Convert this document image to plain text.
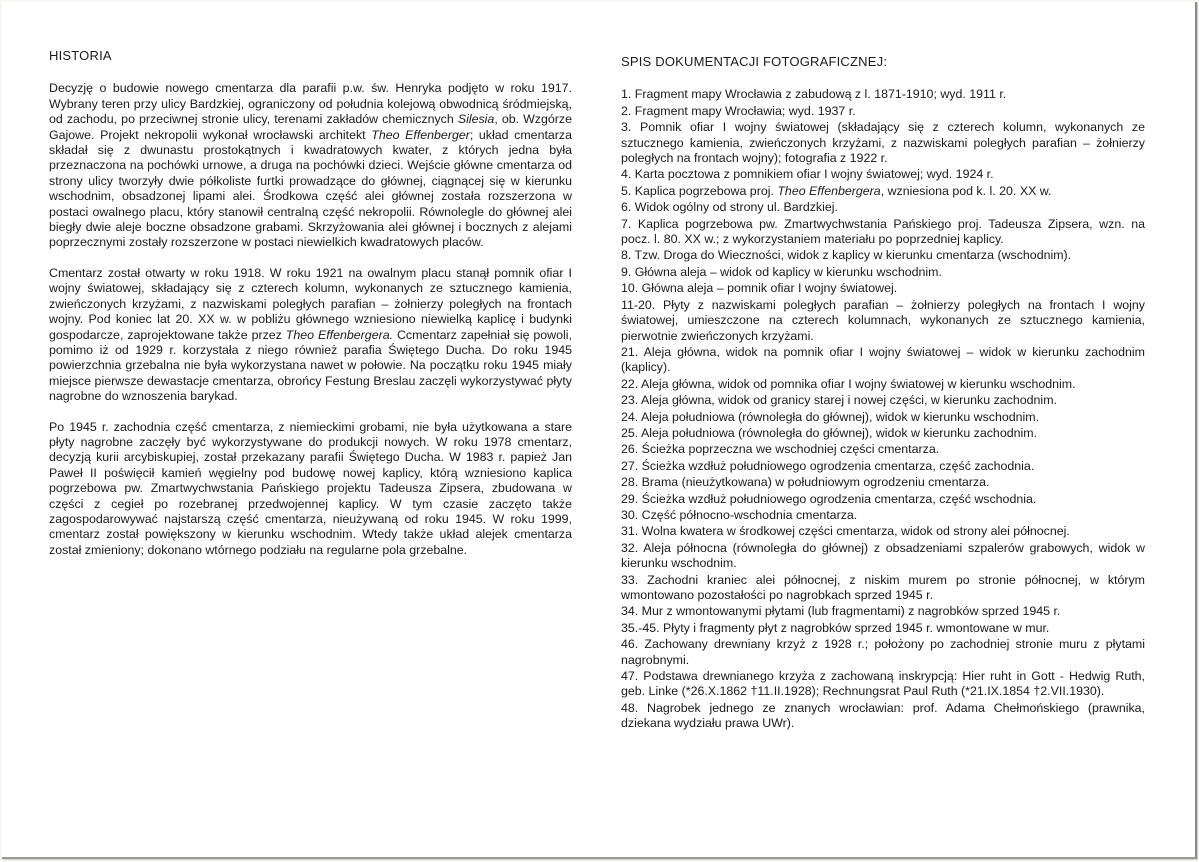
HISTORIA

Decyzję o budowie nowego cmentarza dla parafii p.w. św. Henryka podjęto w roku 1917. Wybrany teren przy ulicy Bardzkiej, ograniczony od południa kolejową obwodnicą śródmiejską, od zachodu, po przeciwnej stronie ulicy, terenami zakładów chemicznych Silesia, ob. Wzgórze Gajowe. Projekt nekropolii wykonał wrocławski architekt Theo Effenberger; układ cmentarza składał się z dwunastu prostokątnych i kwadratowych kwater, z których jedna była przeznaczona na pochówki urnowe, a druga na pochówki dzieci. Wejście główne cmentarza od strony ulicy tworzyły dwie półkoliste furtki prowadzące do głównej, ciągnącej się w kierunku wschodnim, obsadzonej lipami alei. Środkowa część alei głównej została rozszerzona w postaci owalnego placu, który stanowił centralną część nekropolii. Równolegle do głównej alei biegły dwie aleje boczne obsadzone grabami. Skrzyżowania alei głównej i bocznych z alejami poprzecznymi zostały rozszerzone w postaci niewielkich kwadratowych placów.

Cmentarz został otwarty w roku 1918. W roku 1921 na owalnym placu stanął pomnik ofiar I wojny światowej, składający się z czterech kolumn, wykonanych ze sztucznego kamienia, zwieńczonych krzyżami, z nazwiskami poległych parafian – żołnierzy poległych na frontach wojny. Pod koniec lat 20. XX w. w pobliżu głównego wzniesiono niewielką kaplicę i budynki gospodarcze, zaprojektowane także przez Theo Effenbergera. Ccmentarz zapełniał się powoli, pomimo iż od 1929 r. korzystała z niego również parafia Świętego Ducha. Do roku 1945 powierzchnia grzebalna nie była wykorzystana nawet w połowie. Na początku roku 1945 miały miejsce pierwsze dewastacje cmentarza, obrońcy Festung Breslau zaczęli wykorzystywać płyty nagrobne do wznoszenia barykad.

Po 1945 r. zachodnia część cmentarza, z niemieckimi grobami, nie była użytkowana a stare płyty nagrobne zaczęły być wykorzystywane do produkcji nowych. W roku 1978 cmentarz, decyzją kurii arcybiskupiej, został przekazany parafii Świętego Ducha. W 1983 r. papież Jan Paweł II poświęcił kamień węgielny pod budowę nowej kaplicy, którą wzniesiono kaplica pogrzebowa pw. Zmartwychwstania Pańskiego projektu Tadeusza Zipsera, zbudowana w części z cegieł po rozebranej przedwojennej kaplicy. W tym czasie zaczęto także zagospodarowywać najstarszą część cmentarza, nieużywaną od roku 1945. W roku 1999, cmentarz został powiększony w kierunku wschodnim. Wtedy także układ alejek cmentarza został zmieniony; dokonano wtórnego podziału na regularne pola grzebalne.

SPIS DOKUMENTACJI FOTOGRAFICZNEJ:
1. Fragment mapy Wrocławia z zabudową z l. 1871-1910; wyd. 1911 r.
2. Fragment mapy Wrocławia; wyd. 1937 r.
3. Pomnik ofiar I wojny światowej (składający się z czterech kolumn, wykonanych ze sztucznego kamienia, zwieńczonych krzyżami, z nazwiskami poległych parafian – żołnierzy poległych na frontach wojny); fotografia z 1922 r.
4. Karta pocztowa z pomnikiem ofiar I wojny światowej; wyd. 1924 r.
5. Kaplica pogrzebowa proj. Theo Effenbergera, wzniesiona pod k. l. 20. XX w.
6. Widok ogólny od strony ul. Bardzkiej.
7. Kaplica pogrzebowa pw. Zmartwychwstania Pańskiego proj. Tadeusza Zipsera, wzn. na pocz. l. 80. XX w.; z wykorzystaniem materiału po poprzedniej kaplicy.
8. Tzw. Droga do Wieczności, widok z kaplicy w kierunku cmentarza (wschodnim).
9. Główna aleja – widok od kaplicy w kierunku wschodnim.
10. Główna aleja – pomnik ofiar I wojny światowej.
11-20. Płyty z nazwiskami poległych parafian – żołnierzy poległych na frontach I wojny światowej, umieszczone na czterech kolumnach, wykonanych ze sztucznego kamienia, pierwotnie zwieńczonych krzyżami.
21. Aleja główna, widok na pomnik ofiar I wojny światowej – widok w kierunku zachodnim (kaplicy).
22. Aleja główna, widok od pomnika ofiar I wojny światowej w kierunku wschodnim.
23. Aleja główna, widok od granicy starej i nowej części, w kierunku zachodnim.
24. Aleja południowa (równoległa do głównej), widok w kierunku wschodnim.
25. Aleja południowa (równoległa do głównej), widok w kierunku zachodnim.
26. Ścieżka poprzeczna we wschodniej części cmentarza.
27. Ścieżka wzdłuż południowego ogrodzenia cmentarza, część zachodnia.
28. Brama (nieużytkowana) w południowym ogrodzeniu cmentarza.
29. Ścieżka wzdłuż południowego ogrodzenia cmentarza, część wschodnia.
30. Część północno-wschodnia cmentarza.
31. Wolna kwatera w środkowej części cmentarza, widok od strony alei północnej.
32. Aleja północna (równoległa do głównej) z obsadzeniami szpalerów grabowych, widok w kierunku wschodnim.
33. Zachodni kraniec alei północnej, z niskim murem po stronie północnej, w którym wmontowano pozostałości po nagrobkach sprzed 1945 r.
34. Mur z wmontowanymi płytami (lub fragmentami) z nagrobków sprzed 1945 r.
35.-45. Płyty i fragmenty płyt z nagrobków sprzed 1945 r. wmontowane w mur.
46. Zachowany drewniany krzyż z 1928 r.; położony po zachodniej stronie muru z płytami nagrobnymi.
47. Podstawa drewnianego krzyża z zachowaną inskrypcją: Hier ruht in Gott - Hedwig Ruth, geb. Linke (*26.X.1862 †11.II.1928); Rechnungsrat Paul Ruth (*21.IX.1854 †2.VII.1930).
48. Nagrobek jednego ze znanych wrocławian: prof. Adama Chełmońskiego (prawnika, dziekana wydziału prawa UWr).
